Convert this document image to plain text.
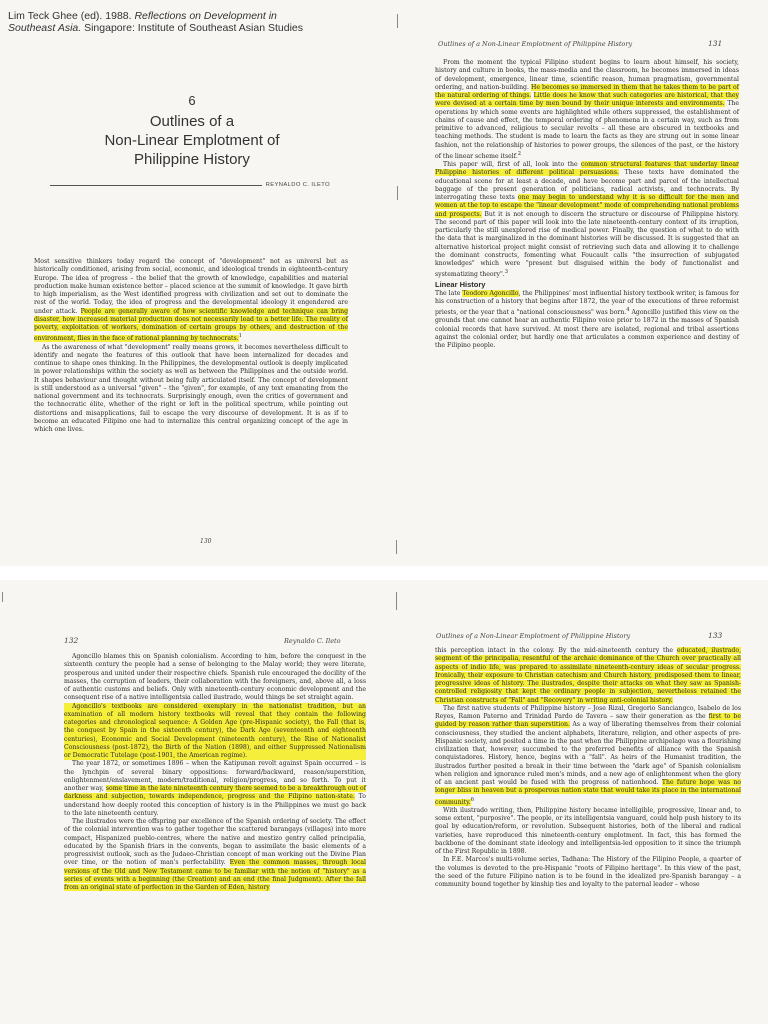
Lim Teck Ghee (ed). 1988. Reflections on Development in
Southeast Asia. Singapore: Institute of Southeast Asian Studies
6
Outlines of a
Non-Linear Emplotment of
Philippine History
REYNALDO C. ILETO

Most sensitive thinkers today regard the concept of "development" not as universl but as historically conditioned, arising from social, economic, and ideological trends in eighteenth-century Europe. The idea of progress – the belief that the growth of knowledge, capabilities and material production make human existence better – placed science at the summit of knowledge. It gave birth to high imperialism, as the West identified progress with civilization and set out to dominate the rest of the world. Today, the idea of progress and the developmental ideology it engendered are under attack. People are generally aware of how scientific knowledge and technique can bring disaster, how increased material production does not necessarily lead to a better life. The reality of poverty, exploitation of workers, domination of certain groups by others, and destruction of the environment, flies in the face of rational planning by technocrats.$^1$

As the awareness of what "development" really means grows, it becomes nevertheless difficult to identify and negate the features of this outlook that have been internalized for decades and continue to shape ones thinking. In the Philippines, the developmental outlook is deeply implicated in power relationships within the society as well as between the Philippines and the outside world. It shapes behaviour and thought without being fully articulated itself. The concept of development is still understood as a universal "given" – the "given", for example, of any text emanating from the national government and its technocrats. Surprisingly enough, even the critics of government and the technocratic élite, whether of the right or left in the political spectrum, while pointing out distortions and misapplications, fail to escape the very discourse of development. It is as if to become an educated Filipino one had to internalize this central organizing concept of the age in which one lives.

130
Outlines of a Non-Linear Emplotment of Philippine History	131

From the moment the typical Filipino student begins to learn about himself, his society, history and culture in books, the mass-media and the classroom, he becomes immersed in ideas of development, emergence, linear time, scientific reason, human pragmatism, governmental ordering, and nation-building. He becomes so immersed in them that he takes them to be part of the natural ordering of things. Little does he know that such categories are historical, that they were devised at a certain time by men bound by their unique interests and environments. The operations by which some events are highlighted while others suppressed, the establishment of chains of cause and effect, the temporal ordering of phenomena in a certain way, such as from primitive to advanced, religious to secular revolts – all these are obscured in textbooks and teaching methods. The student is made to learn the facts as they are strung out in some linear fashion, not the relationship of histories to power groups, the silences of the past, or the history of the linear scheme itself.$^2$

This paper will, first of all, look into the common structural features that underlay linear Philippine histories of different political persuasions. These texts have dominated the educational scene for at least a decade, and have become part and parcel of the intellectual baggage of the present generation of politicians, radical activists, and technocrats. By interrogating these texts one may begin to understand why it is so difficult for the men and women at the top to escape the "linear development" mode of comprehending national problems and prospects. But it is not enough to discern the structure or discourse of Philippine history. The second part of this paper will look into the late nineteenth-century context of its irruption, particularly the still unexplored rise of medical power. Finally, the question of what to do with the data that is marginalized in the dominant histories will be discussed. It is suggested that an alternative historical project might consist of retrieving such data and allowing it to challenge the dominant constructs, fomenting what Foucault calls "the insurrection of subjugated knowledges" which were "present but disguised within the body of functionalist and systematizing theory".$^3$

Linear History

The late Teodoro Agoncillo, the Philippines' most influential history textbook writer, is famous for his construction of a history that begins after 1872, the year of the executions of three reformist priests, or the year that a "national consciousness" was born.$^4$ Agoncillo justified this view on the grounds that one cannot hear an authentic Filipino voice prior to 1872 in the masses of Spanish colonial records that have survived. At most there are isolated, regional and tribal assertions against the colonial order, but hardly one that articulates a common experience and destiny of the Filipino people.

132	Reynaldo C. Ileto

Agoncillo blames this on Spanish colonialism. According to him, before the conquest in the sixteenth century the people had a sense of belonging to the Malay world; they were literate, prosperous and united under their respective chiefs. Spanish rule encouraged the docility of the masses, the corruption of leaders, their collaboration with the foreigners, and, above all, a loss of authentic customs and beliefs. Only with nineteenth-century economic development and the consequent rise of a native intelligentsia called ilustrado, would things be set straight again.

Agoncillo's textbooks are considered exemplary in the nationalist tradition, but an examination of all modern history textbooks will reveal that they contain the following categories and chronological sequence: A Golden Age (pre-Hispanic society), the Fall (that is, the conquest by Spain in the sixteenth century), the Dark Age (seventeenth and eighteenth centuries), Economic and Social Development (nineteenth century), the Rise of Nationalist Consciousness (post-1872), the Birth of the Nation (1898), and either Suppressed Nationalism or Democratic Tutelage (post-1901, the American regime).

The year 1872, or sometimes 1896 – when the Katipunan revolt against Spain occurred – is the lynchpin of several binary oppositions: forward/backward, reason/superstition, enlightenment/enslavement, modern/traditional, religion/progress, and so forth. To put it another way, some time in the late nineteenth century there seemed to be a breakthrough out of darkness and subjection, towards independence, progress and the Filipino nation-state. To understand how deeply rooted this conception of history is in the Philippines we must go back to the late nineteenth century.

The ilustrados were the offspring par excellence of the Spanish ordering of society. The effect of the colonial intervention was to gather together the scattered barangays (villages) into more compact, Hispanized pueblo-centres, where the native and mestizo gentry called principalia, educated by the Spanish friars in the convents, began to assimilate the basic elements of a progressivist outlook, such as the Judaeo-Christian concept of man working out the Divine Plan over time, or the notion of man's perfectability. Even the common masses, through local versions of the Old and New Testament came to be familiar with the notion of "history" as a series of events with a beginning (the Creation) and an end (the final Judgment). After the fall from an original state of perfection in the Garden of Eden, history

Outlines of a Non-Linear Emplotment of Philippine History	133

this perception intact in the colony. By the mid-nineteenth century the educated, ilustrado, segment of the principalia, resentful of the archaic dominance of the Church over practically all aspects of indio life, was prepared to assimilate nineteenth-century ideas of secular progress. Ironically, their exposure to Christian catechism and Church history, predisposed them to linear, progressive ideas of history. The ilustrados, despite their attacks on what they saw as Spanish-controlled religiosity that kept the ordinary people in subjection, nevertheless retained the Christian constructs of "Fall" and "Recovery" in writing anti-colonial history.

The first native students of Philippine history – Jose Rizal, Gregorio Sanciangco, Isabelo de los Reyes, Ramon Paterno and Trinidad Pardo de Tavera – saw their generation as the first to be guided by reason rather than superstition. As a way of liberating themselves from their colonial consciousness, they studied the ancient alphabets, literature, religion, and other aspects of pre-Hispanic society, and posited a time in the past when the Philippine archipelago was a flourishing civilization that, however, succumbed to the preferred benefits of alliance with the Spanish conquistadores. History, hence, begins with a "fall". As heirs of the Humanist tradition, the ilustrados further posited a break in their time between the "dark age" of Spanish colonialism when religion and ignorance ruled men's minds, and a new age of enlightenment when the glory of an ancient past would be fused with the progress of nationhood. The future hope was no longer bliss in heaven but a prosperous nation state that would take its place in the international community.$^6$

With ilustrado writing, then, Philippine history became intelligible, progressive, linear and, to some extent, "purposive". The people, or its intelligentsia vanguard, could help push history to its goal by education/reform, or revolution. Subsequent histories, both of the liberal and radical varieties, have reproduced this nineteenth-century emplotment. In fact, this has formed the backbone of the dominant state ideology and intelligentsia-led opposition to it since the triumph of the First Republic in 1898.

In F.E. Marcos's multi-volume series, Tadhana: The History of the Filipino People, a quarter of the volumes is devoted to the pre-Hispanic "roots of Filipino heritage". In this view of the past, the seed of the future Filipino nation is to be found in the idealized pre-Spanish barangay – a community bound together by kinship ties and loyalty to the paternal leader – whose
